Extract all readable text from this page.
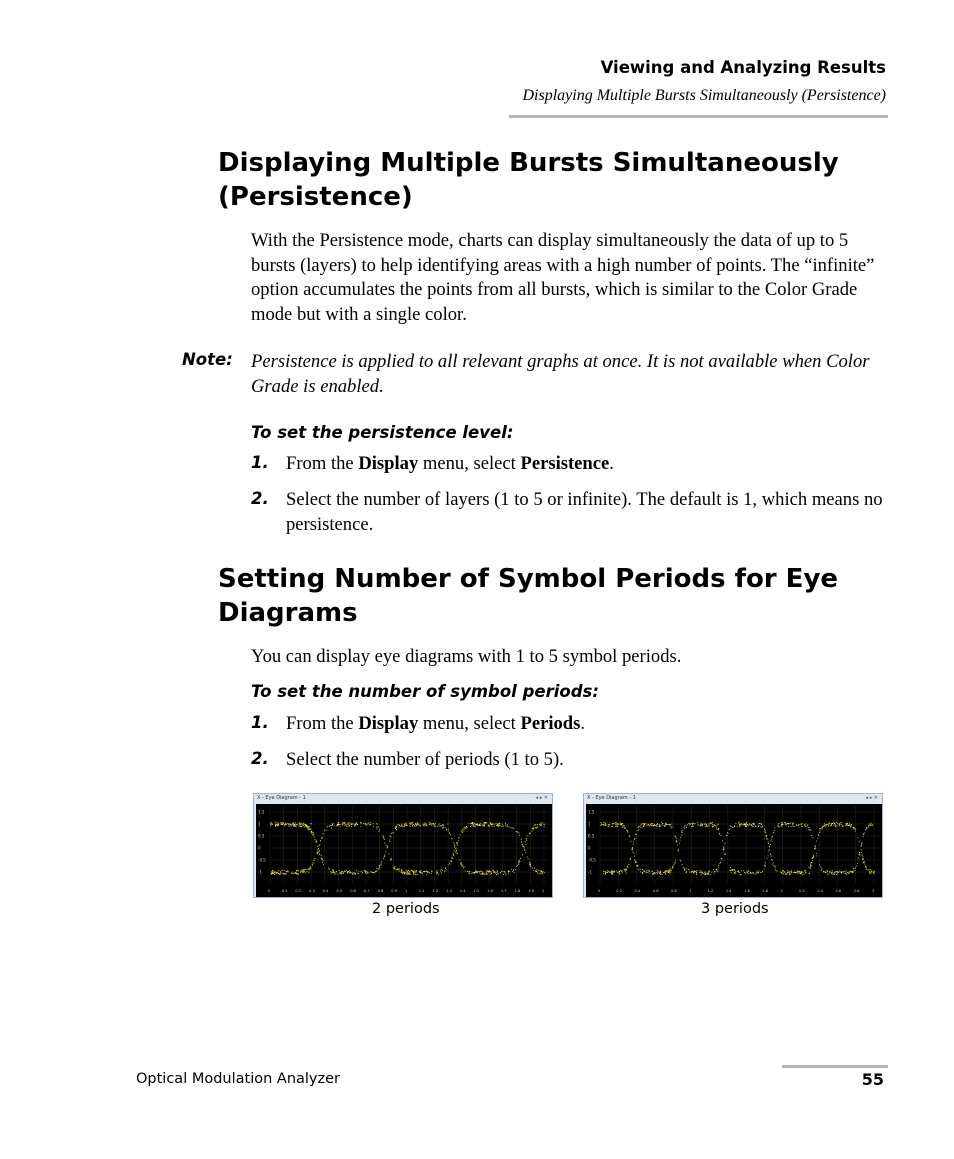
Viewing and Analyzing Results
Displaying Multiple Bursts Simultaneously (Persistence)
Displaying Multiple Bursts Simultaneously (Persistence)
With the Persistence mode, charts can display simultaneously the data of up to 5 bursts (layers) to help identifying areas with a high number of points. The “infinite” option accumulates the points from all bursts, which is similar to the Color Grade mode but with a single color.
Note: Persistence is applied to all relevant graphs at once. It is not available when Color Grade is enabled.
To set the persistence level:
1. From the Display menu, select Persistence.
2. Select the number of layers (1 to 5 or infinite). The default is 1, which means no persistence.
Setting Number of Symbol Periods for Eye Diagrams
You can display eye diagrams with 1 to 5 symbol periods.
To set the number of symbol periods:
1. From the Display menu, select Periods.
2. Select the number of periods (1 to 5).
X - Eye Diagram - 1	◂ ▸ ✕
1.5
1
0.5
0
-0.5
-1
0	0.1 0.2 0.3 0.4 0.5 0.6 0.7 0.8 0.9 1	1.1 1.2 1.3 1.4 1.5 1.6 1.7 1.8 1.9 2
2 periods
X - Eye Diagram - 1	◂ ▸ ✕
1.5
1
0.5
0
-0.5
-1
0	0.2	0.4	0.6	0.8	1	1.2	1.4	1.6	1.8	2	2.2	2.4	2.6	2.8	3
3 periods
Optical Modulation Analyzer	55
